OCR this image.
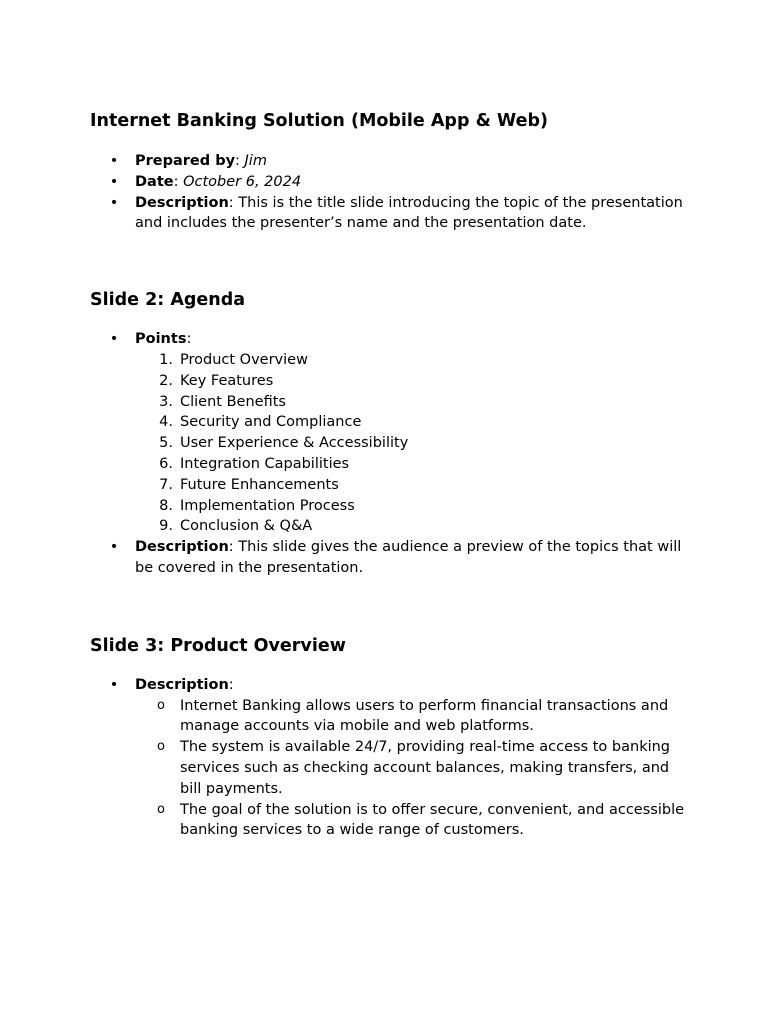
Internet Banking Solution (Mobile App & Web)
• Prepared by: Jim
• Date: October 6, 2024
• Description: This is the title slide introducing the topic of the presentation and includes the presenter’s name and the presentation date.
Slide 2: Agenda
• Points:
1. Product Overview
2. Key Features
3. Client Benefits
4. Security and Compliance
5. User Experience & Accessibility
6. Integration Capabilities
7. Future Enhancements
8. Implementation Process
9. Conclusion & Q&A
• Description: This slide gives the audience a preview of the topics that will be covered in the presentation.
Slide 3: Product Overview
• Description:
o Internet Banking allows users to perform financial transactions and manage accounts via mobile and web platforms.
o The system is available 24/7, providing real-time access to banking services such as checking account balances, making transfers, and bill payments.
o The goal of the solution is to offer secure, convenient, and accessible banking services to a wide range of customers.
